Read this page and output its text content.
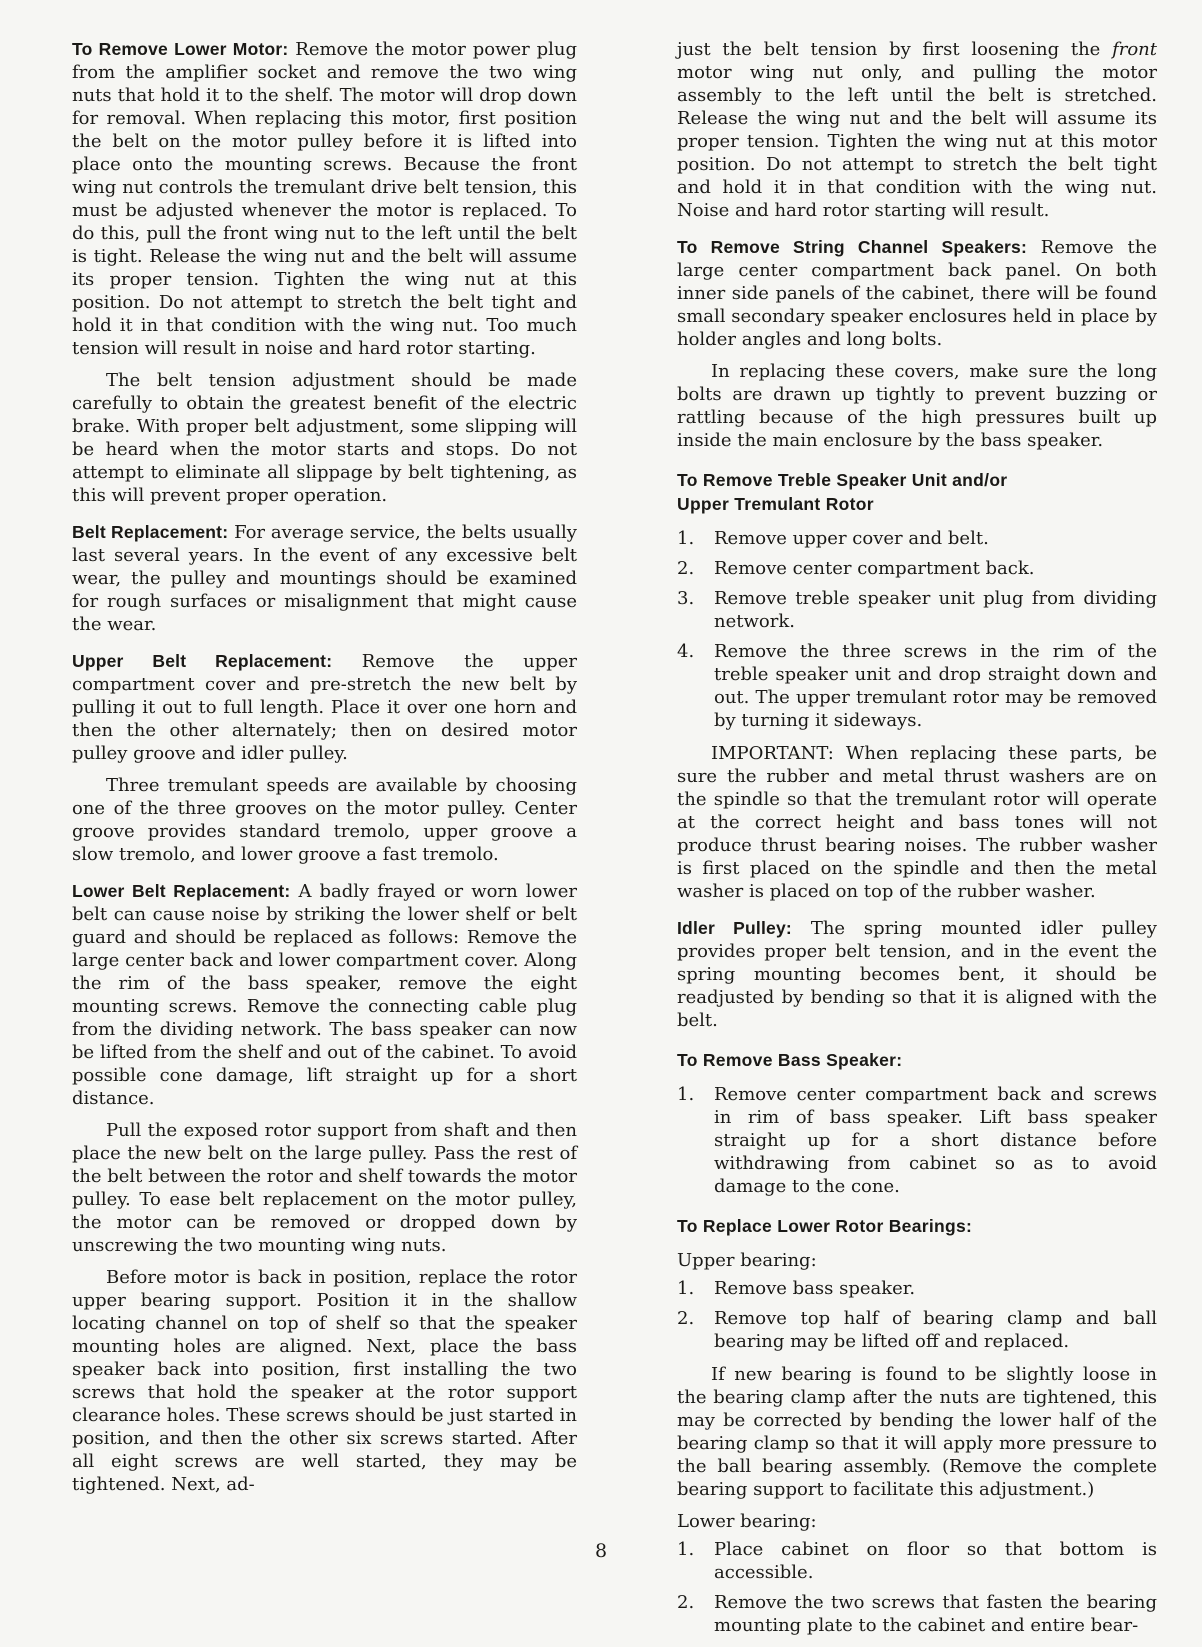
To Remove Lower Motor: Remove the motor power plug from the amplifier socket and remove the two wing nuts that hold it to the shelf. The motor will drop down for removal. When replacing this motor, first position the belt on the motor pulley before it is lifted into place onto the mounting screws. Because the front wing nut controls the tremulant drive belt tension, this must be adjusted whenever the motor is replaced. To do this, pull the front wing nut to the left until the belt is tight. Release the wing nut and the belt will assume its proper tension. Tighten the wing nut at this position. Do not attempt to stretch the belt tight and hold it in that condition with the wing nut. Too much tension will result in noise and hard rotor starting.

The belt tension adjustment should be made carefully to obtain the greatest benefit of the electric brake. With proper belt adjustment, some slipping will be heard when the motor starts and stops. Do not attempt to eliminate all slippage by belt tightening, as this will prevent proper operation.

Belt Replacement: For average service, the belts usually last several years. In the event of any excessive belt wear, the pulley and mountings should be examined for rough surfaces or misalignment that might cause the wear.

Upper Belt Replacement: Remove the upper compartment cover and pre-stretch the new belt by pulling it out to full length. Place it over one horn and then the other alternately; then on desired motor pulley groove and idler pulley.

Three tremulant speeds are available by choosing one of the three grooves on the motor pulley. Center groove provides standard tremolo, upper groove a slow tremolo, and lower groove a fast tremolo.

Lower Belt Replacement: A badly frayed or worn lower belt can cause noise by striking the lower shelf or belt guard and should be replaced as follows: Remove the large center back and lower compartment cover. Along the rim of the bass speaker, remove the eight mounting screws. Remove the connecting cable plug from the dividing network. The bass speaker can now be lifted from the shelf and out of the cabinet. To avoid possible cone damage, lift straight up for a short distance.

Pull the exposed rotor support from shaft and then place the new belt on the large pulley. Pass the rest of the belt between the rotor and shelf towards the motor pulley. To ease belt replacement on the motor pulley, the motor can be removed or dropped down by unscrewing the two mounting wing nuts.

Before motor is back in position, replace the rotor upper bearing support. Position it in the shallow locating channel on top of shelf so that the speaker mounting holes are aligned. Next, place the bass speaker back into position, first installing the two screws that hold the speaker at the rotor support clearance holes. These screws should be just started in position, and then the other six screws started. After all eight screws are well started, they may be tightened. Next, ad-

just the belt tension by first loosening the front motor wing nut only, and pulling the motor assembly to the left until the belt is stretched. Release the wing nut and the belt will assume its proper tension. Tighten the wing nut at this motor position. Do not attempt to stretch the belt tight and hold it in that condition with the wing nut. Noise and hard rotor starting will result.

To Remove String Channel Speakers: Remove the large center compartment back panel. On both inner side panels of the cabinet, there will be found small secondary speaker enclosures held in place by holder angles and long bolts.

In replacing these covers, make sure the long bolts are drawn up tightly to prevent buzzing or rattling because of the high pressures built up inside the main enclosure by the bass speaker.

To Remove Treble Speaker Unit and/or
Upper Tremulant Rotor
1.	Remove upper cover and belt.
2.	Remove center compartment back.
3.	Remove treble speaker unit plug from dividing network.
4.	Remove the three screws in the rim of the treble speaker unit and drop straight down and out. The upper tremulant rotor may be removed by turning it sideways.

IMPORTANT: When replacing these parts, be sure the rubber and metal thrust washers are on the spindle so that the tremulant rotor will operate at the correct height and bass tones will not produce thrust bearing noises. The rubber washer is first placed on the spindle and then the metal washer is placed on top of the rubber washer.

Idler Pulley: The spring mounted idler pulley provides proper belt tension, and in the event the spring mounting becomes bent, it should be readjusted by bending so that it is aligned with the belt.

To Remove Bass Speaker:
1.	Remove center compartment back and screws in rim of bass speaker. Lift bass speaker straight up for a short distance before withdrawing from cabinet so as to avoid damage to the cone.
To Replace Lower Rotor Bearings:

Upper bearing:

1.	Remove bass speaker.
2.	Remove top half of bearing clamp and ball bearing may be lifted off and replaced.

If new bearing is found to be slightly loose in the bearing clamp after the nuts are tightened, this may be corrected by bending the lower half of the bearing clamp so that it will apply more pressure to the ball bearing assembly. (Remove the complete bearing support to facilitate this adjustment.)

Lower bearing:

1.	Place cabinet on floor so that bottom is accessible.
2.	Remove the two screws that fasten the bearing mounting plate to the cabinet and entire bear-
8
